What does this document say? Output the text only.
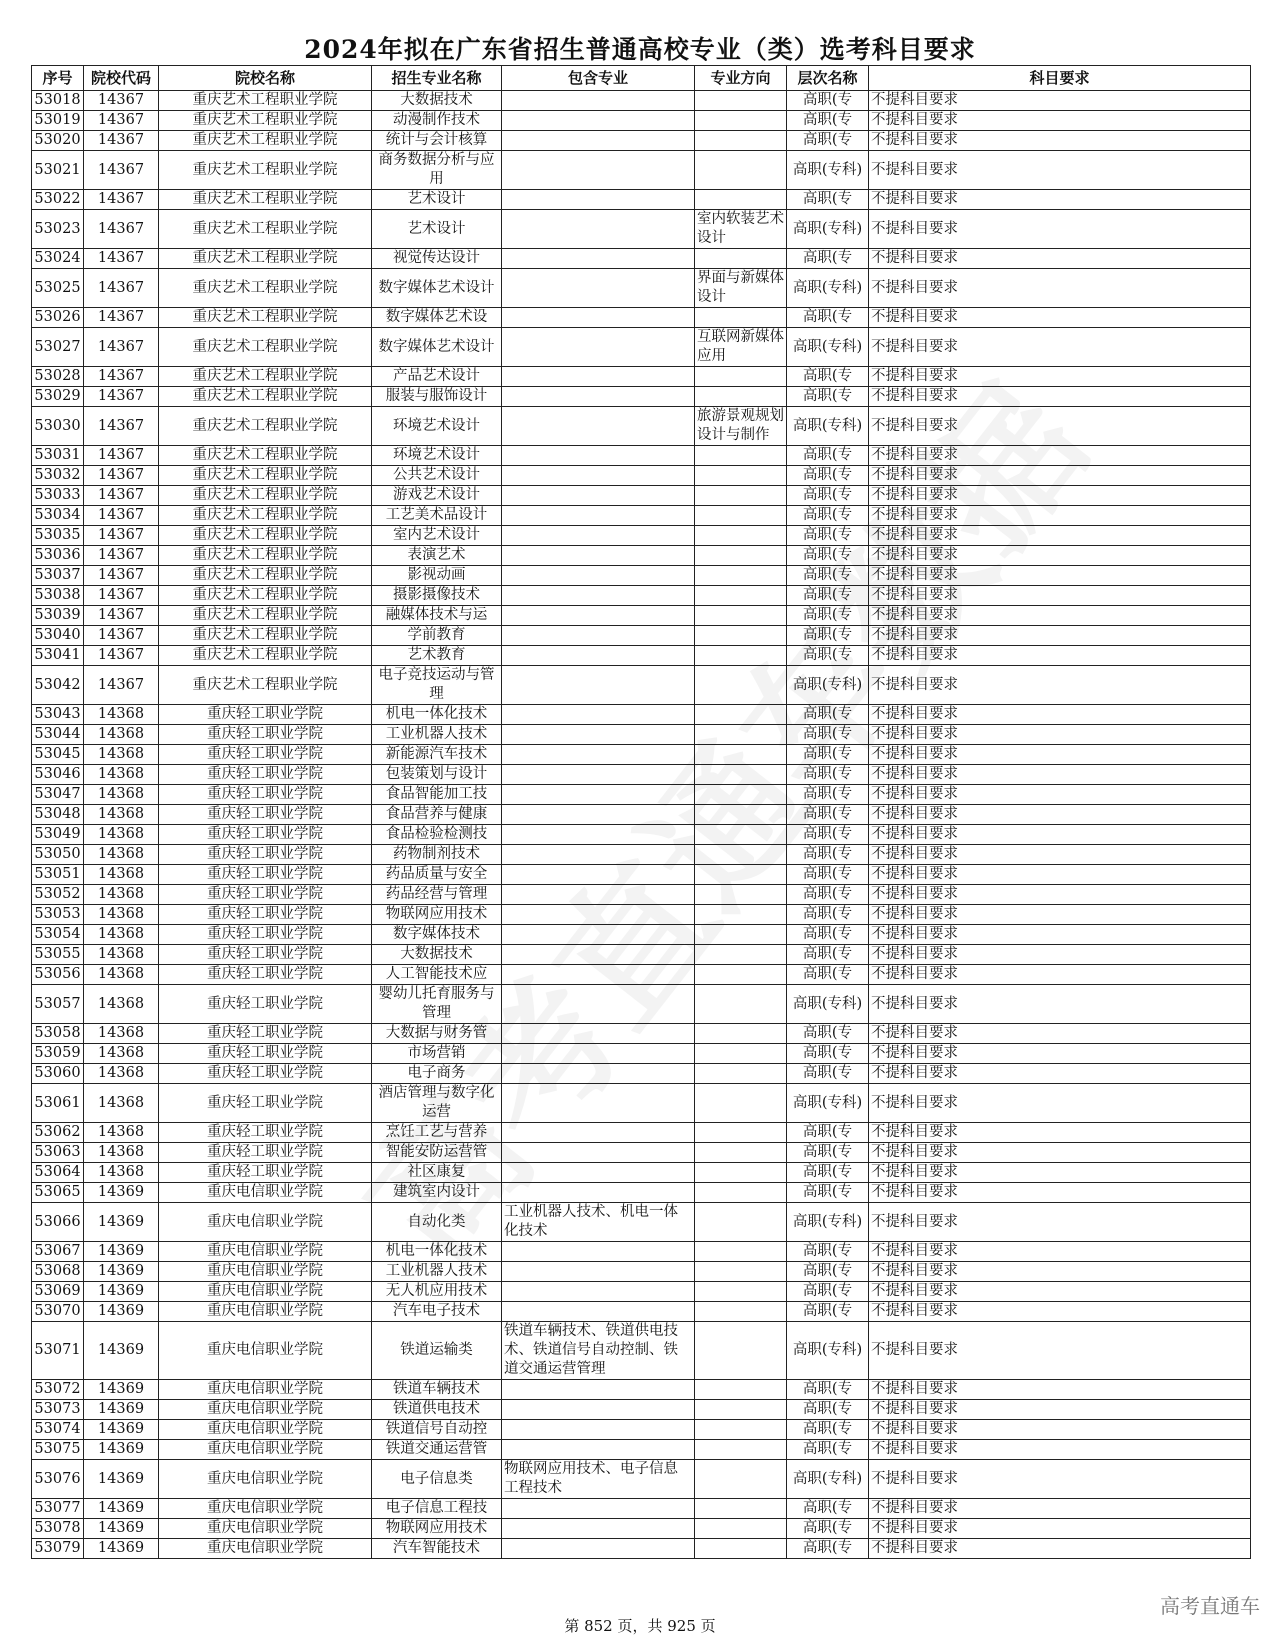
2024年拟在广东省招生普通高校专业（类）选考科目要求
序号	院校代码	院校名称	招生专业名称	包含专业	专业方向	层次名称	科目要求
53018	14367	重庆艺术工程职业学院	大数据技术			高职(专	不提科目要求
53019	14367	重庆艺术工程职业学院	动漫制作技术			高职(专	不提科目要求
53020	14367	重庆艺术工程职业学院	统计与会计核算			高职(专	不提科目要求
53021	14367	重庆艺术工程职业学院	商务数据分析与应用			高职(专科)	不提科目要求
53022	14367	重庆艺术工程职业学院	艺术设计			高职(专	不提科目要求
53023	14367	重庆艺术工程职业学院	艺术设计		室内软装艺术设计	高职(专科)	不提科目要求
53024	14367	重庆艺术工程职业学院	视觉传达设计			高职(专	不提科目要求
53025	14367	重庆艺术工程职业学院	数字媒体艺术设计		界面与新媒体设计	高职(专科)	不提科目要求
53026	14367	重庆艺术工程职业学院	数字媒体艺术设			高职(专	不提科目要求
53027	14367	重庆艺术工程职业学院	数字媒体艺术设计		互联网新媒体应用	高职(专科)	不提科目要求
53028	14367	重庆艺术工程职业学院	产品艺术设计			高职(专	不提科目要求
53029	14367	重庆艺术工程职业学院	服装与服饰设计			高职(专	不提科目要求
53030	14367	重庆艺术工程职业学院	环境艺术设计		旅游景观规划设计与制作	高职(专科)	不提科目要求
53031	14367	重庆艺术工程职业学院	环境艺术设计			高职(专	不提科目要求
53032	14367	重庆艺术工程职业学院	公共艺术设计			高职(专	不提科目要求
53033	14367	重庆艺术工程职业学院	游戏艺术设计			高职(专	不提科目要求
53034	14367	重庆艺术工程职业学院	工艺美术品设计			高职(专	不提科目要求
53035	14367	重庆艺术工程职业学院	室内艺术设计			高职(专	不提科目要求
53036	14367	重庆艺术工程职业学院	表演艺术			高职(专	不提科目要求
53037	14367	重庆艺术工程职业学院	影视动画			高职(专	不提科目要求
53038	14367	重庆艺术工程职业学院	摄影摄像技术			高职(专	不提科目要求
53039	14367	重庆艺术工程职业学院	融媒体技术与运			高职(专	不提科目要求
53040	14367	重庆艺术工程职业学院	学前教育			高职(专	不提科目要求
53041	14367	重庆艺术工程职业学院	艺术教育			高职(专	不提科目要求
53042	14367	重庆艺术工程职业学院	电子竞技运动与管理			高职(专科)	不提科目要求
53043	14368	重庆轻工职业学院	机电一体化技术			高职(专	不提科目要求
53044	14368	重庆轻工职业学院	工业机器人技术			高职(专	不提科目要求
53045	14368	重庆轻工职业学院	新能源汽车技术			高职(专	不提科目要求
53046	14368	重庆轻工职业学院	包装策划与设计			高职(专	不提科目要求
53047	14368	重庆轻工职业学院	食品智能加工技			高职(专	不提科目要求
53048	14368	重庆轻工职业学院	食品营养与健康			高职(专	不提科目要求
53049	14368	重庆轻工职业学院	食品检验检测技			高职(专	不提科目要求
53050	14368	重庆轻工职业学院	药物制剂技术			高职(专	不提科目要求
53051	14368	重庆轻工职业学院	药品质量与安全			高职(专	不提科目要求
53052	14368	重庆轻工职业学院	药品经营与管理			高职(专	不提科目要求
53053	14368	重庆轻工职业学院	物联网应用技术			高职(专	不提科目要求
53054	14368	重庆轻工职业学院	数字媒体技术			高职(专	不提科目要求
53055	14368	重庆轻工职业学院	大数据技术			高职(专	不提科目要求
53056	14368	重庆轻工职业学院	人工智能技术应			高职(专	不提科目要求
53057	14368	重庆轻工职业学院	婴幼儿托育服务与管理			高职(专科)	不提科目要求
53058	14368	重庆轻工职业学院	大数据与财务管			高职(专	不提科目要求
53059	14368	重庆轻工职业学院	市场营销			高职(专	不提科目要求
53060	14368	重庆轻工职业学院	电子商务			高职(专	不提科目要求
53061	14368	重庆轻工职业学院	酒店管理与数字化运营			高职(专科)	不提科目要求
53062	14368	重庆轻工职业学院	烹饪工艺与营养			高职(专	不提科目要求
53063	14368	重庆轻工职业学院	智能安防运营管			高职(专	不提科目要求
53064	14368	重庆轻工职业学院	社区康复			高职(专	不提科目要求
53065	14369	重庆电信职业学院	建筑室内设计			高职(专	不提科目要求
53066	14369	重庆电信职业学院	自动化类	工业机器人技术、机电一体化技术		高职(专科)	不提科目要求
53067	14369	重庆电信职业学院	机电一体化技术			高职(专	不提科目要求
53068	14369	重庆电信职业学院	工业机器人技术			高职(专	不提科目要求
53069	14369	重庆电信职业学院	无人机应用技术			高职(专	不提科目要求
53070	14369	重庆电信职业学院	汽车电子技术			高职(专	不提科目要求
53071	14369	重庆电信职业学院	铁道运输类	铁道车辆技术、铁道供电技术、铁道信号自动控制、铁道交通运营管理		高职(专科)	不提科目要求
53072	14369	重庆电信职业学院	铁道车辆技术			高职(专	不提科目要求
53073	14369	重庆电信职业学院	铁道供电技术			高职(专	不提科目要求
53074	14369	重庆电信职业学院	铁道信号自动控			高职(专	不提科目要求
53075	14369	重庆电信职业学院	铁道交通运营管			高职(专	不提科目要求
53076	14369	重庆电信职业学院	电子信息类	物联网应用技术、电子信息工程技术		高职(专科)	不提科目要求
53077	14369	重庆电信职业学院	电子信息工程技			高职(专	不提科目要求
53078	14369	重庆电信职业学院	物联网应用技术			高职(专	不提科目要求
53079	14369	重庆电信职业学院	汽车智能技术			高职(专	不提科目要求
第 852 页，共 925 页
高考直通车
